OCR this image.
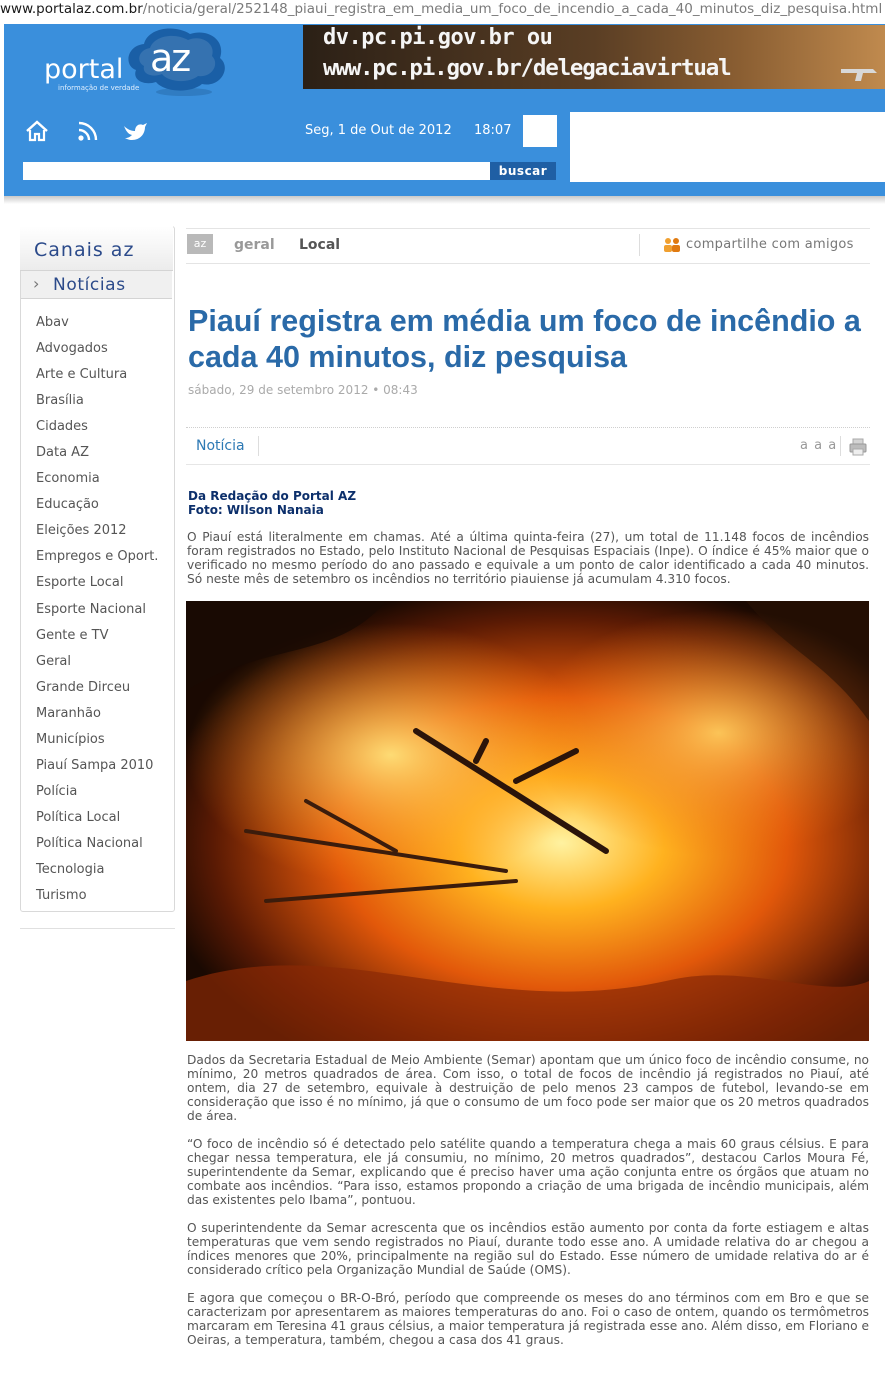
www.portalaz.com.br/noticia/geral/252148_piaui_registra_em_media_um_foco_de_incendio_a_cada_40_minutos_diz_pesquisa.html
portal az
informação de verdade
dv.pc.pi.gov.br ou
www.pc.pi.gov.br/delegaciavirtual
Seg, 1 de Out de 2012 18:07
buscar
Canais az
› Notícias
Abav
Advogados
Arte e Cultura
Brasília
Cidades
Data AZ
Economia
Educação
Eleições 2012
Empregos e Oport.
Esporte Local
Esporte Nacional
Gente e TV
Geral
Grande Dirceu
Maranhão
Municípios
Piauí Sampa 2010
Polícia
Política Local
Política Nacional
Tecnologia
Turismo
az	geral Local	compartilhe com amigos
Piauí registra em média um foco de incêndio a cada 40 minutos, diz pesquisa
sábado, 29 de setembro 2012 • 08:43
Notícia	a a a
Da Redação do Portal AZ
Foto: WIlson Nanaia
O Piauí está literalmente em chamas. Até a última quinta-feira (27), um total de 11.148 focos de incêndios foram registrados no Estado, pelo Instituto Nacional de Pesquisas Espaciais (Inpe). O índice é 45% maior que o verificado no mesmo período do ano passado e equivale a um ponto de calor identificado a cada 40 minutos. Só neste mês de setembro os incêndios no território piauiense já acumulam 4.310 focos.
Dados da Secretaria Estadual de Meio Ambiente (Semar) apontam que um único foco de incêndio consume, no mínimo, 20 metros quadrados de área. Com isso, o total de focos de incêndio já registrados no Piauí, até ontem, dia 27 de setembro, equivale à destruição de pelo menos 23 campos de futebol, levando-se em consideração que isso é no mínimo, já que o consumo de um foco pode ser maior que os 20 metros quadrados de área.
“O foco de incêndio só é detectado pelo satélite quando a temperatura chega a mais 60 graus célsius. E para chegar nessa temperatura, ele já consumiu, no mínimo, 20 metros quadrados”, destacou Carlos Moura Fé, superintendente da Semar, explicando que é preciso haver uma ação conjunta entre os órgãos que atuam no combate aos incêndios. “Para isso, estamos propondo a criação de uma brigada de incêndio municipais, além das existentes pelo Ibama”, pontuou.
O superintendente da Semar acrescenta que os incêndios estão aumento por conta da forte estiagem e altas temperaturas que vem sendo registrados no Piauí, durante todo esse ano. A umidade relativa do ar chegou a índices menores que 20%, principalmente na região sul do Estado. Esse número de umidade relativa do ar é considerado crítico pela Organização Mundial de Saúde (OMS).
E agora que começou o BR-O-Bró, período que compreende os meses do ano términos com em Bro e que se caracterizam por apresentarem as maiores temperaturas do ano. Foi o caso de ontem, quando os termômetros marcaram em Teresina 41 graus célsius, a maior temperatura já registrada esse ano. Além disso, em Floriano e Oeiras, a temperatura, também, chegou a casa dos 41 graus.
